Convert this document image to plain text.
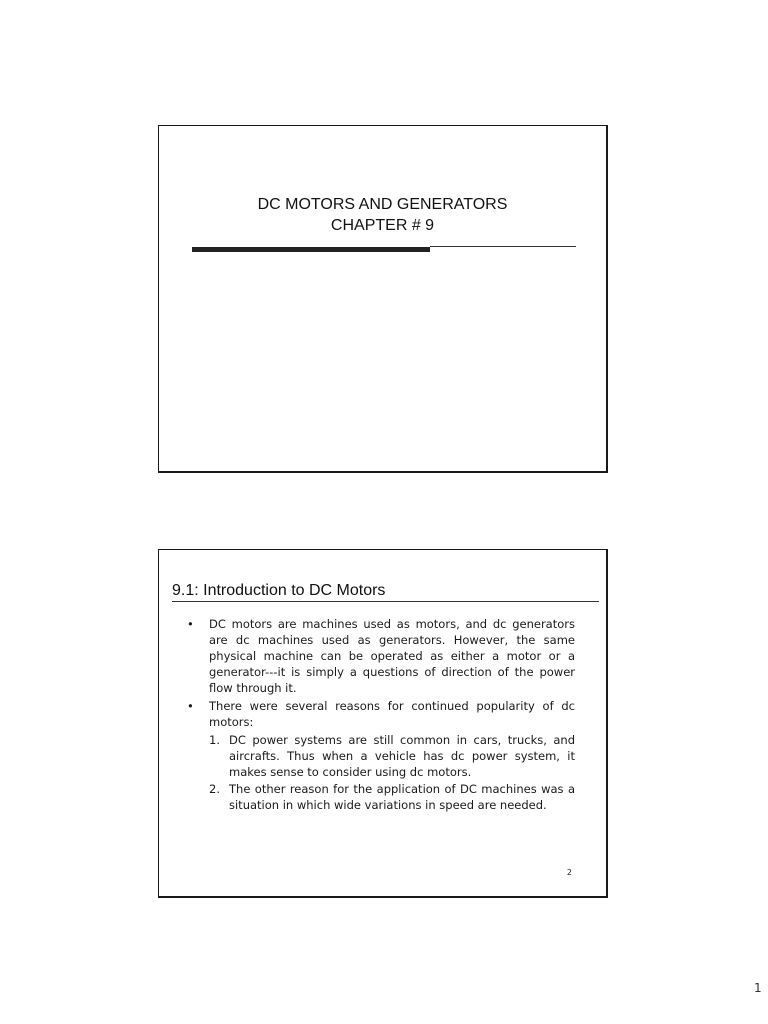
DC MOTORS AND GENERATORS
CHAPTER # 9
9.1: Introduction to DC Motors
• DC motors are machines used as motors, and dc generators are dc machines used as generators. However, the same physical machine can be operated as either a motor or a generator---it is simply a questions of direction of the power flow through it.
• There were several reasons for continued popularity of dc motors:
1. DC power systems are still common in cars, trucks, and aircrafts. Thus when a vehicle has dc power system, it makes sense to consider using dc motors.
2. The other reason for the application of DC machines was a situation in which wide variations in speed are needed.
2
1
